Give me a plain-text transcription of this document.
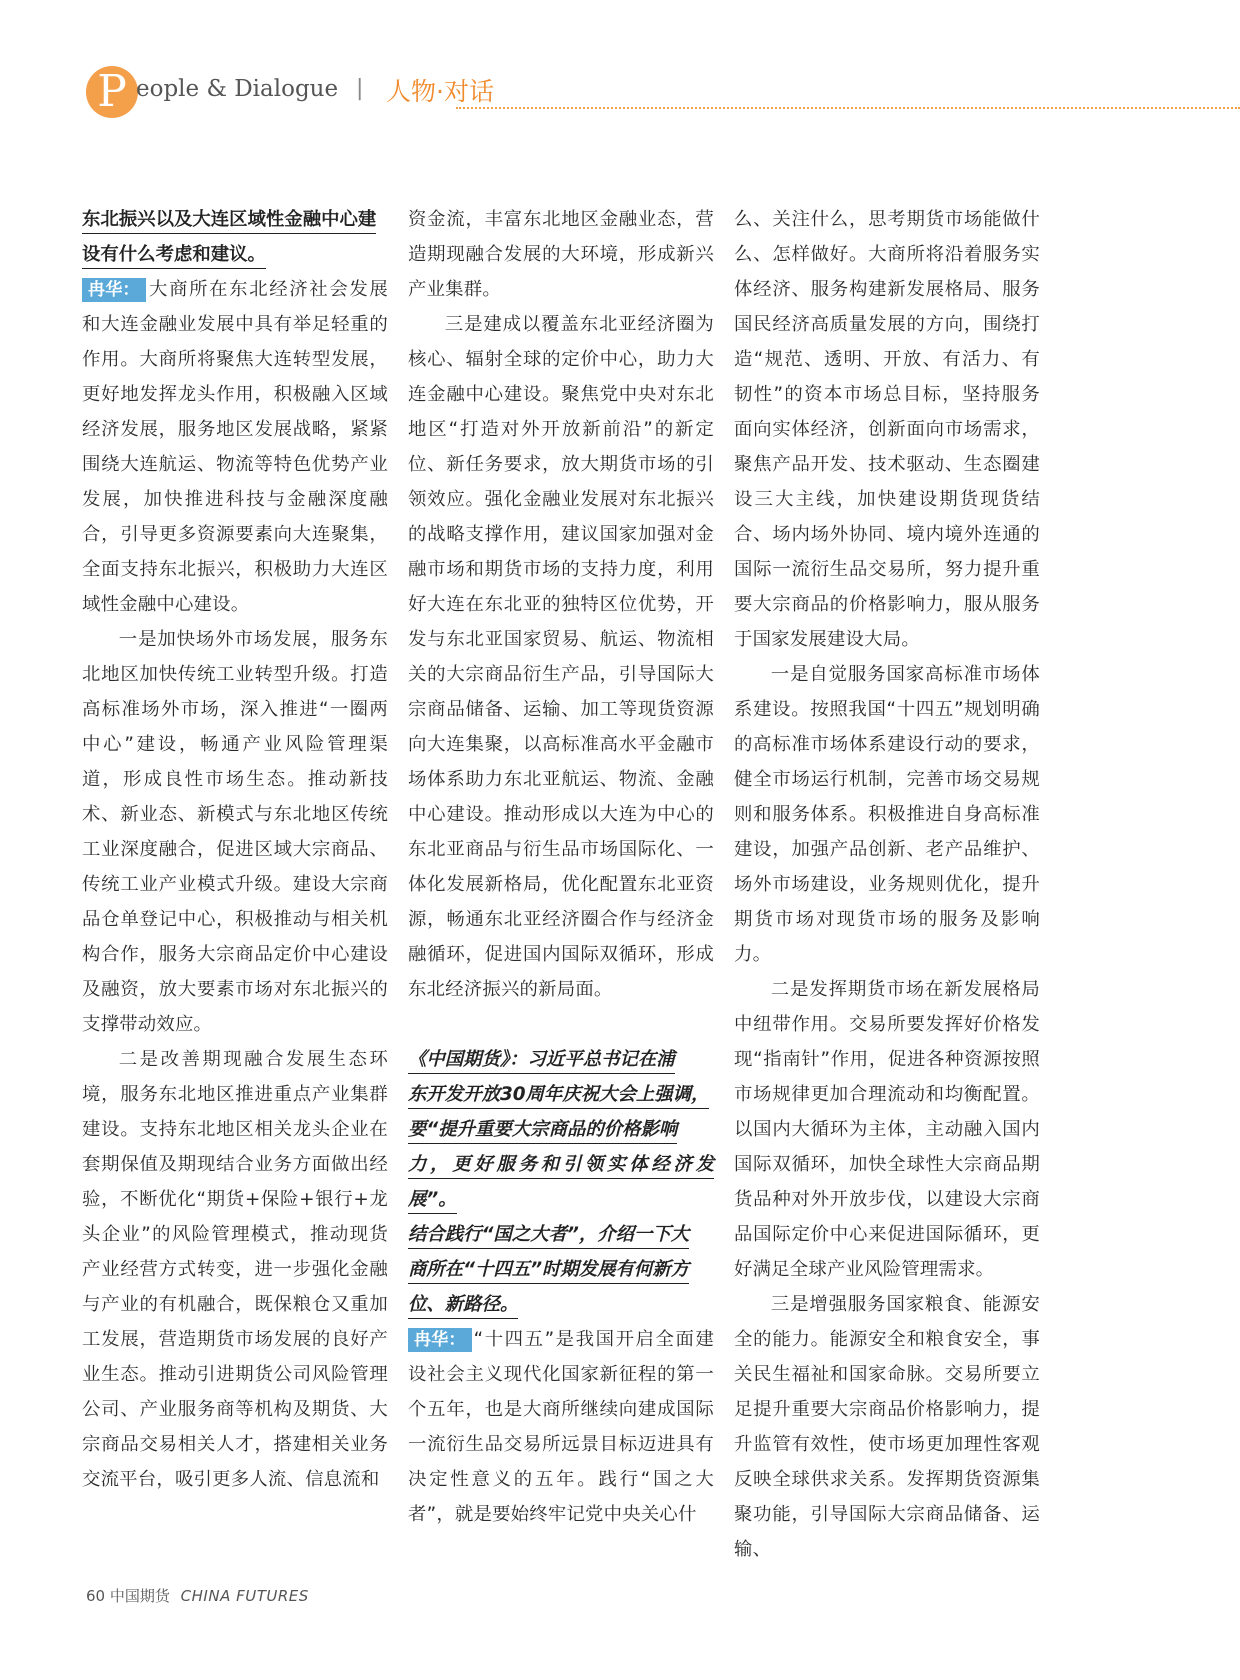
P eople & Dialogue | 人物·对话
东北振兴以及大连区域性金融中心建
设有什么考虑和建议。

冉华： 大商所在东北经济社会发展和大连金融业发展中具有举足轻重的作用。大商所将聚焦大连转型发展，更好地发挥龙头作用，积极融入区域经济发展，服务地区发展战略，紧紧围绕大连航运、物流等特色优势产业发展，加快推进科技与金融深度融合，引导更多资源要素向大连聚集，全面支持东北振兴，积极助力大连区域性金融中心建设。

一是加快场外市场发展，服务东北地区加快传统工业转型升级。打造高标准场外市场，深入推进“一圈两中心”建设，畅通产业风险管理渠道，形成良性市场生态。推动新技术、新业态、新模式与东北地区传统工业深度融合，促进区域大宗商品、传统工业产业模式升级。建设大宗商品仓单登记中心，积极推动与相关机构合作，服务大宗商品定价中心建设及融资，放大要素市场对东北振兴的支撑带动效应。

二是改善期现融合发展生态环境，服务东北地区推进重点产业集群建设。支持东北地区相关龙头企业在套期保值及期现结合业务方面做出经验，不断优化“期货+保险+银行+龙头企业”的风险管理模式，推动现货产业经营方式转变，进一步强化金融与产业的有机融合，既保粮仓又重加工发展，营造期货市场发展的良好产业生态。推动引进期货公司风险管理公司、产业服务商等机构及期货、大宗商品交易相关人才，搭建相关业务交流平台，吸引更多人流、信息流和

资金流，丰富东北地区金融业态，营造期现融合发展的大环境，形成新兴产业集群。

三是建成以覆盖东北亚经济圈为核心、辐射全球的定价中心，助力大连金融中心建设。聚焦党中央对东北地区“打造对外开放新前沿”的新定位、新任务要求，放大期货市场的引领效应。强化金融业发展对东北振兴的战略支撑作用，建议国家加强对金融市场和期货市场的支持力度，利用好大连在东北亚的独特区位优势，开发与东北亚国家贸易、航运、物流相关的大宗商品衍生产品，引导国际大宗商品储备、运输、加工等现货资源向大连集聚，以高标准高水平金融市场体系助力东北亚航运、物流、金融中心建设。推动形成以大连为中心的东北亚商品与衍生品市场国际化、一体化发展新格局，优化配置东北亚资源，畅通东北亚经济圈合作与经济金融循环，促进国内国际双循环，形成东北经济振兴的新局面。

《中国期货》：习近平总书记在浦
东开发开放30周年庆祝大会上强调，
要“提升重要大宗商品的价格影响
力，更好服务和引领实体经济发展”。
结合践行“国之大者”，介绍一下大
商所在“十四五”时期发展有何新方
位、新路径。

冉华： “十四五”是我国开启全面建设社会主义现代化国家新征程的第一个五年，也是大商所继续向建成国际一流衍生品交易所远景目标迈进具有决定性意义的五年。践行“国之大者”，就是要始终牢记党中央关心什

么、关注什么，思考期货市场能做什么、怎样做好。大商所将沿着服务实体经济、服务构建新发展格局、服务国民经济高质量发展的方向，围绕打造“规范、透明、开放、有活力、有韧性”的资本市场总目标，坚持服务面向实体经济，创新面向市场需求，聚焦产品开发、技术驱动、生态圈建设三大主线，加快建设期货现货结合、场内场外协同、境内境外连通的国际一流衍生品交易所，努力提升重要大宗商品的价格影响力，服从服务于国家发展建设大局。

一是自觉服务国家高标准市场体系建设。按照我国“十四五”规划明确的高标准市场体系建设行动的要求，健全市场运行机制，完善市场交易规则和服务体系。积极推进自身高标准建设，加强产品创新、老产品维护、场外市场建设，业务规则优化，提升期货市场对现货市场的服务及影响力。

二是发挥期货市场在新发展格局中纽带作用。交易所要发挥好价格发现“指南针”作用，促进各种资源按照市场规律更加合理流动和均衡配置。以国内大循环为主体，主动融入国内国际双循环，加快全球性大宗商品期货品种对外开放步伐，以建设大宗商品国际定价中心来促进国际循环，更好满足全球产业风险管理需求。

三是增强服务国家粮食、能源安全的能力。能源安全和粮食安全，事关民生福祉和国家命脉。交易所要立足提升重要大宗商品价格影响力，提升监管有效性，使市场更加理性客观反映全球供求关系。发挥期货资源集聚功能，引导国际大宗商品储备、运输、

60 中国期货 CHINA FUTURES
